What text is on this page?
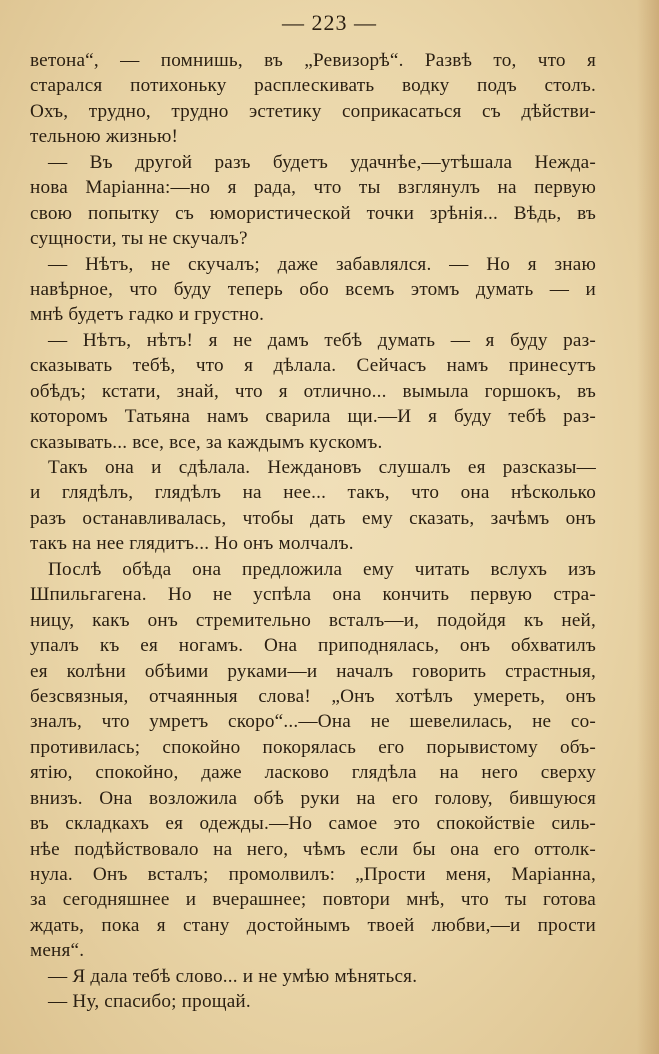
— 223 —
ветона“, — помнишь, въ „Ревизорѣ“. Развѣ то, что я
старался потихоньку расплескивать водку подъ столъ.
Охъ, трудно, трудно эстетику соприкасаться съ дѣйстви-
тельною жизнью!
— Въ другой разъ будетъ удачнѣе,—утѣшала Нежда-
нова Маріанна:—но я рада, что ты взглянулъ на первую
свою попытку съ юмористической точки зрѣнія... Вѣдь, въ
сущности, ты не скучалъ?
— Нѣтъ, не скучалъ; даже забавлялся. — Но я знаю
навѣрное, что буду теперь обо всемъ этомъ думать — и
мнѣ будетъ гадко и грустно.
— Нѣтъ, нѣтъ! я не дамъ тебѣ думать — я буду раз-
сказывать тебѣ, что я дѣлала. Сейчасъ намъ принесутъ
обѣдъ; кстати, знай, что я отлично... вымыла горшокъ, въ
которомъ Татьяна намъ сварила щи.—И я буду тебѣ раз-
сказывать... все, все, за каждымъ кускомъ.
Такъ она и сдѣлала. Неждановъ слушалъ ея разсказы—
и глядѣлъ, глядѣлъ на нее... такъ, что она нѣсколько
разъ останавливалась, чтобы дать ему сказать, зачѣмъ онъ
такъ на нее глядитъ... Но онъ молчалъ.
Послѣ обѣда она предложила ему читать вслухъ изъ
Шпильгагена. Но не успѣла она кончить первую стра-
ницу, какъ онъ стремительно всталъ—и, подойдя къ ней,
упалъ къ ея ногамъ. Она приподнялась, онъ обхватилъ
ея колѣни обѣими руками—и началъ говорить страстныя,
безсвязныя, отчаянныя слова! „Онъ хотѣлъ умереть, онъ
зналъ, что умретъ скоро“...—Она не шевелилась, не со-
противилась; спокойно покорялась его порывистому объ-
ятію, спокойно, даже ласково глядѣла на него сверху
внизъ. Она возложила обѣ руки на его голову, бившуюся
въ складкахъ ея одежды.—Но самое это спокойствіе силь-
нѣе подѣйствовало на него, чѣмъ если бы она его оттолк-
нула. Онъ всталъ; промолвилъ: „Прости меня, Маріанна,
за сегодняшнее и вчерашнее; повтори мнѣ, что ты готова
ждать, пока я стану достойнымъ твоей любви,—и прости
меня“.
— Я дала тебѣ слово... и не умѣю мѣняться.
— Ну, спасибо; прощай.
